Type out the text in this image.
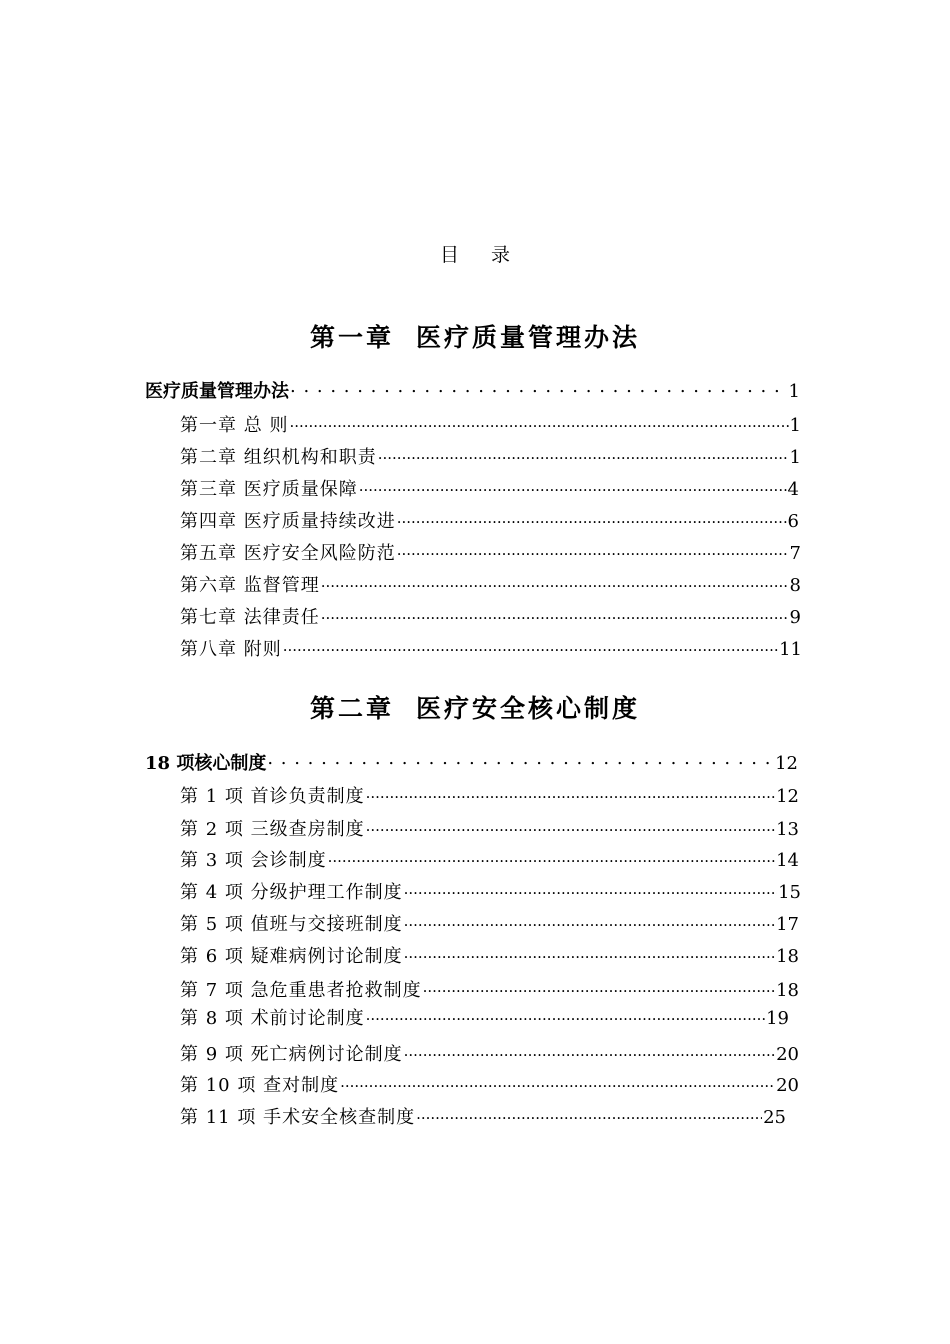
目录
第一章 医疗质量管理办法
医疗质量管理办法 . . .	1
第一章 总 则 .....	1
第二章 组织机构和职责 .....	1
第三章 医疗质量保障 .....	4
第四章 医疗质量持续改进 .....	6
第五章 医疗安全风险防范 .....	7
第六章 监督管理 .....	8
第七章 法律责任 .....	9
第八章 附则 .....	11
第二章 医疗安全核心制度
18 项核心制度 . . .	12
第 1 项 首诊负责制度 .....	12
第 2 项 三级查房制度 .....	13
第 3 项 会诊制度 .....	14
第 4 项 分级护理工作制度 .....	15
第 5 项 值班与交接班制度 .....	17
第 6 项 疑难病例讨论制度 .....	18
第 7 项 急危重患者抢救制度 .....	18
第 8 项 术前讨论制度 .....	19
第 9 项 死亡病例讨论制度 .....	20
第 10 项 查对制度 .....	20
第 11 项 手术安全核查制度 .....	25
